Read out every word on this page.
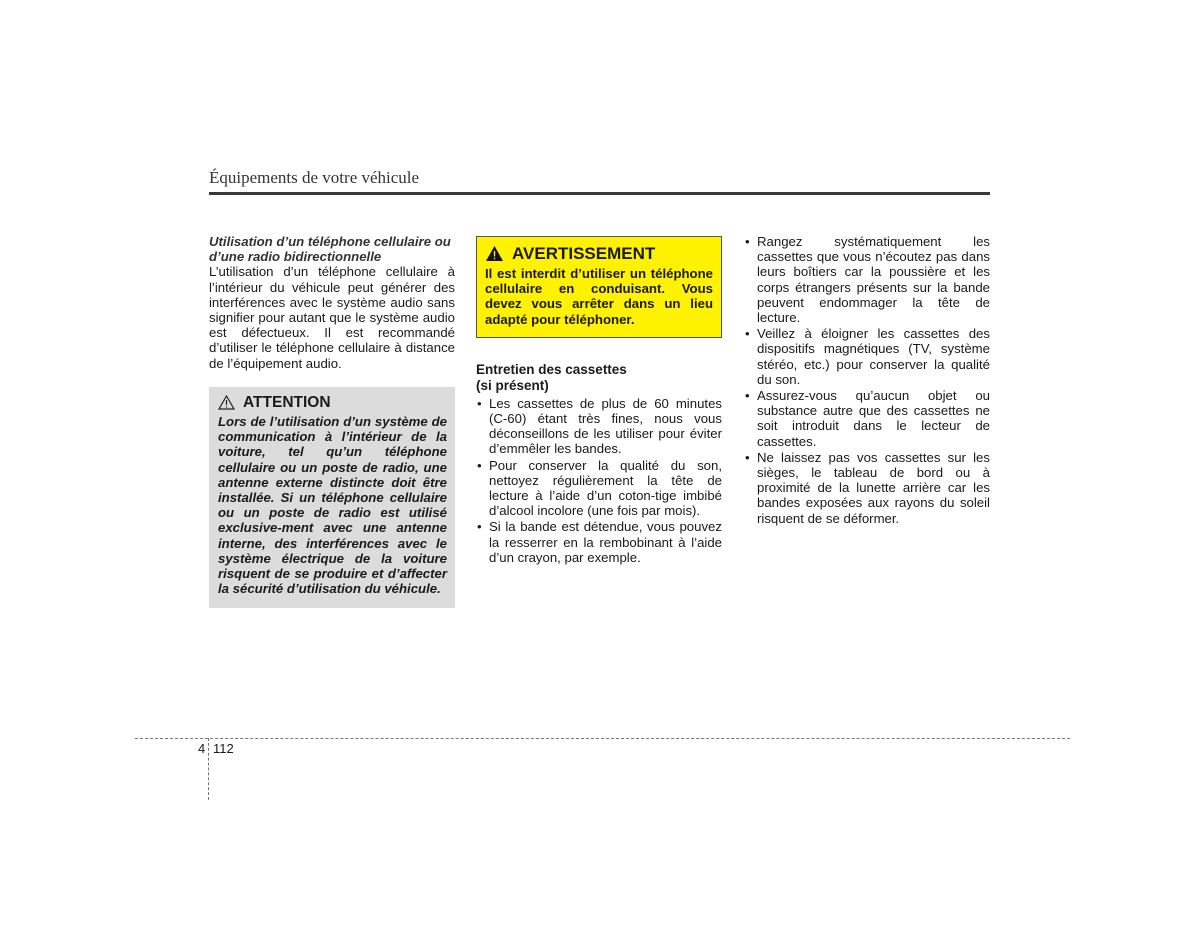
Équipements de votre véhicule

Utilisation d’un téléphone cellulaire ou d’une radio bidirectionnelle

L’utilisation d’un téléphone cellulaire à l’intérieur du véhicule peut générer des interférences avec le système audio sans signifier pour autant que le système audio est défectueux. Il est recommandé d’utiliser le téléphone cellulaire à distance de l’équipement audio.

ATTENTION

Lors de l’utilisation d’un système de communication à l’intérieur de la voiture, tel qu’un téléphone cellulaire ou un poste de radio, une antenne externe distincte doit être installée. Si un téléphone cellulaire ou un poste de radio est utilisé exclusive-ment avec une antenne interne, des interférences avec le système électrique de la voiture risquent de se produire et d’affecter la sécurité d’utilisation du véhicule.

AVERTISSEMENT

Il est interdit d’utiliser un téléphone cellulaire en conduisant. Vous devez vous arrêter dans un lieu adapté pour téléphoner.

Entretien des cassettes
(si présent)
• Les cassettes de plus de 60 minutes (C-60) étant très fines, nous vous déconseillons de les utiliser pour éviter d’emmêler les bandes.
• Pour conserver la qualité du son, nettoyez régulièrement la tête de lecture à l’aide d’un coton-tige imbibé d’alcool incolore (une fois par mois).
• Si la bande est détendue, vous pouvez la resserrer en la rembobinant à l’aide d’un crayon, par exemple.
• Rangez systématiquement les cassettes que vous n’écoutez pas dans leurs boîtiers car la poussière et les corps étrangers présents sur la bande peuvent endommager la tête de lecture.
• Veillez à éloigner les cassettes des dispositifs magnétiques (TV, système stéréo, etc.) pour conserver la qualité du son.
• Assurez-vous qu’aucun objet ou substance autre que des cassettes ne soit introduit dans le lecteur de cassettes.
• Ne laissez pas vos cassettes sur les sièges, le tableau de bord ou à proximité de la lunette arrière car les bandes exposées aux rayons du soleil risquent de se déformer.
4 112
